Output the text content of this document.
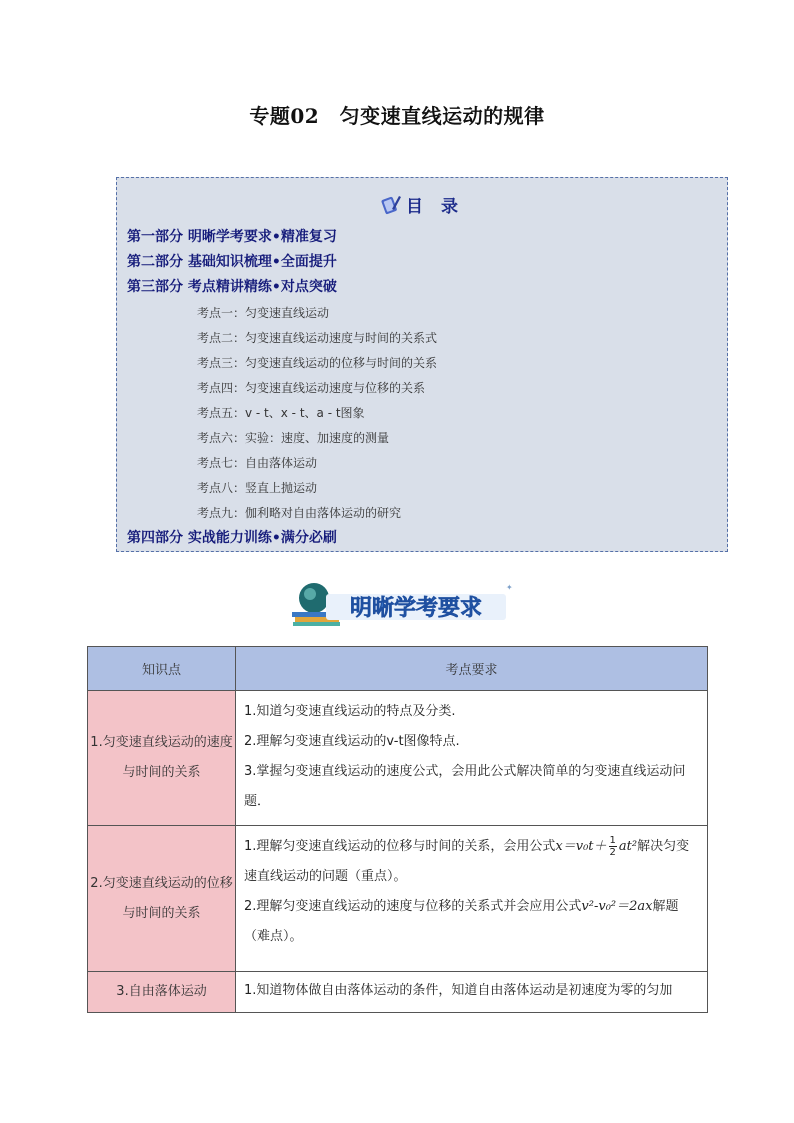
专题02　匀变速直线运动的规律
目 录
第一部分 明晰学考要求•精准复习
第二部分 基础知识梳理•全面提升
第三部分 考点精讲精练•对点突破
考点一：匀变速直线运动
考点二：匀变速直线运动速度与时间的关系式
考点三：匀变速直线运动的位移与时间的关系
考点四：匀变速直线运动速度与位移的关系
考点五：v - t、x - t、a - t图象
考点六：实验：速度、加速度的测量
考点七：自由落体运动
考点八：竖直上抛运动
考点九：伽利略对自由落体运动的研究
第四部分 实战能力训练•满分必刷
明晰学考要求
✦
知识点	考点要求
1.匀变速直线运动的速度与时间的关系	1.知道匀变速直线运动的特点及分类.
2.理解匀变速直线运动的v-t图像特点.
3.掌握匀变速直线运动的速度公式，会用此公式解决简单的匀变速直线运动问题．

2.匀变速直线运动的位移与时间的关系	1.理解匀变速直线运动的位移与时间的关系，会用公式$x=v_0t+ \frac{1}{2} at^2$解决匀变速直线运动的问题（重点）。
2.理解匀变速直线运动的速度与位移的关系式并会应用公式v²-v₀²＝2ax解题（难点）。

3.自由落体运动	1.知道物体做自由落体运动的条件，知道自由落体运动是初速度为零的匀加
